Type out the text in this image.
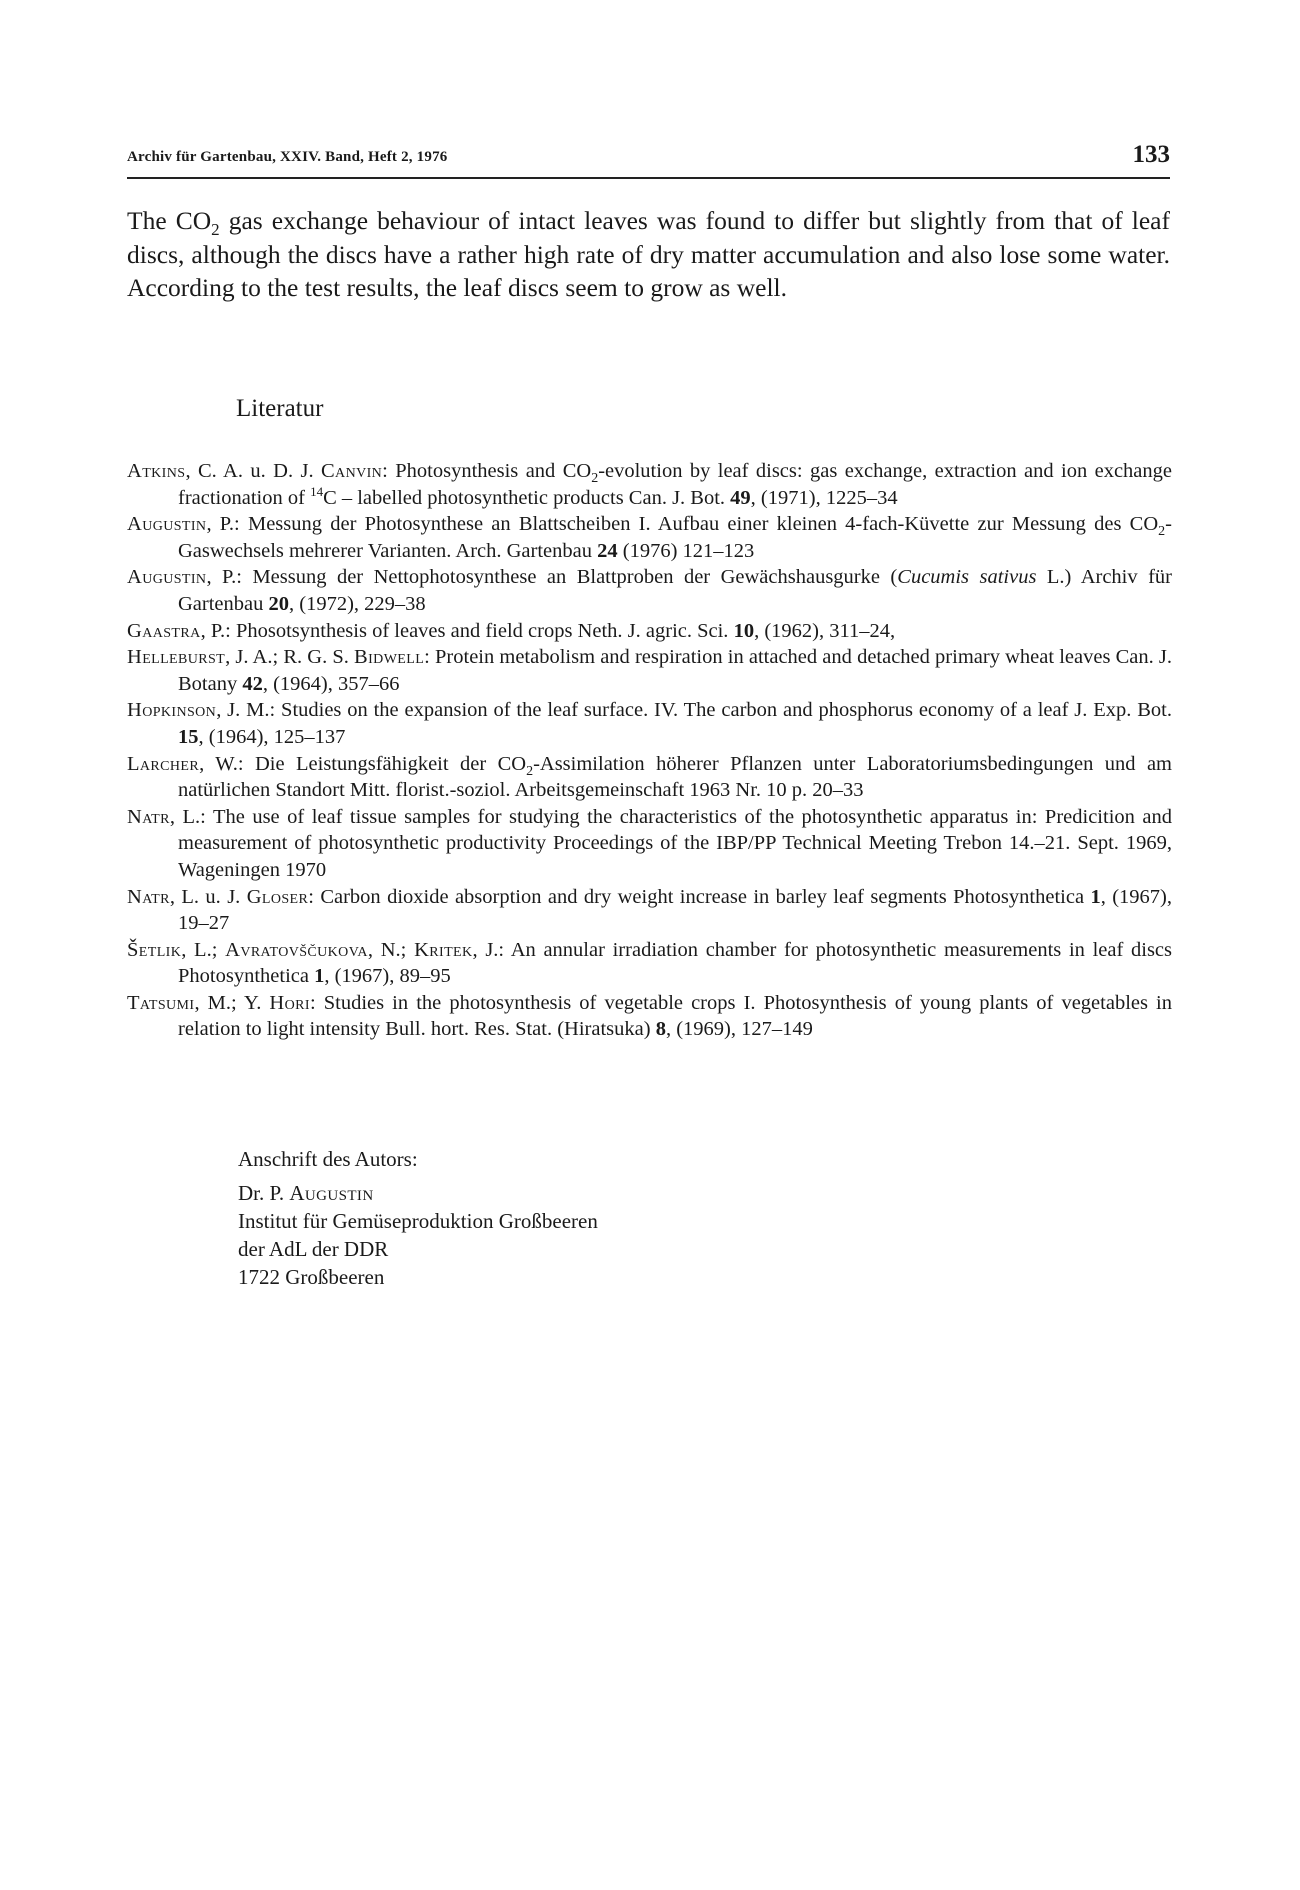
Archiv für Gartenbau, XXIV. Band, Heft 2, 1976	133

The $CO_2$ gas exchange behaviour of intact leaves was found to differ but slightly from that of leaf discs, although the discs have a rather high rate of dry matter accumulation and also lose some water. According to the test results, the leaf discs seem to grow as well.

Literatur
Atkins, C. A. u. D. J. Canvin: Photosynthesis and $CO_2$-evolution by leaf discs: gas exchange, extraction and ion exchange fractionation of $^{14}$C – labelled photosynthetic products Can. J. Bot. 49, (1971), 1225–34
Augustin, P.: Messung der Photosynthese an Blattscheiben I. Aufbau einer kleinen 4-fach-Küvette zur Messung des $CO_2$-Gaswechsels mehrerer Varianten. Arch. Gartenbau 24 (1976) 121–123
Augustin, P.: Messung der Nettophotosynthese an Blattproben der Gewächshausgurke (Cucumis sativus L.) Archiv für Gartenbau 20, (1972), 229–38
Gaastra, P.: Phosotsynthesis of leaves and field crops Neth. J. agric. Sci. 10, (1962), 311–24,
Helleburst, J. A.; R. G. S. Bidwell: Protein metabolism and respiration in attached and detached primary wheat leaves Can. J. Botany 42, (1964), 357–66
Hopkinson, J. M.: Studies on the expansion of the leaf surface. IV. The carbon and phosphorus economy of a leaf J. Exp. Bot. 15, (1964), 125–137
Larcher, W.: Die Leistungsfähigkeit der $CO_2$-Assimilation höherer Pflanzen unter Laboratoriumsbedingungen und am natürlichen Standort Mitt. florist.-soziol. Arbeitsgemeinschaft 1963 Nr. 10 p. 20–33
Natr, L.: The use of leaf tissue samples for studying the characteristics of the photosynthetic apparatus in: Predicition and measurement of photosynthetic productivity Proceedings of the IBP/PP Technical Meeting Trebon 14.–21. Sept. 1969, Wageningen 1970
Natr, L. u. J. Gloser: Carbon dioxide absorption and dry weight increase in barley leaf segments Photosynthetica 1, (1967), 19–27
Šetlik, L.; Avratovščukova, N.; Kritek, J.: An annular irradiation chamber for photosynthetic measurements in leaf discs Photosynthetica 1, (1967), 89–95
Tatsumi, M.; Y. Hori: Studies in the photosynthesis of vegetable crops I. Photosynthesis of young plants of vegetables in relation to light intensity Bull. hort. Res. Stat. (Hiratsuka) 8, (1969), 127–149
Anschrift des Autors:
Dr. P. Augustin
Institut für Gemüseproduktion Großbeeren
der AdL der DDR
1722 Großbeeren
